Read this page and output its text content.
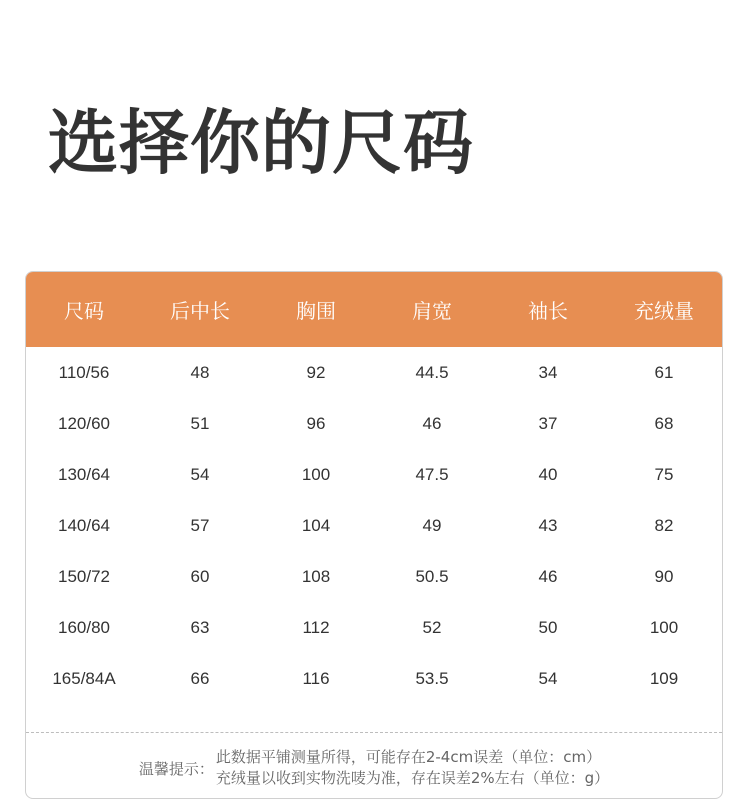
选择你的尺码
尺码	后中长	胸围	肩宽	袖长	充绒量
110/56	48	92	44.5	34	61
120/60	51	96	46	37	68
130/64	54	100	47.5	40	75
140/64	57	104	49	43	82
150/72	60	108	50.5	46	90
160/80	63	112	52	50	100
165/84A	66	116	53.5	54	109
温馨提示：
此数据平铺测量所得，可能存在2-4cm误差（单位：cm）
充绒量以收到实物洗唛为准，存在误差2%左右（单位：g）
